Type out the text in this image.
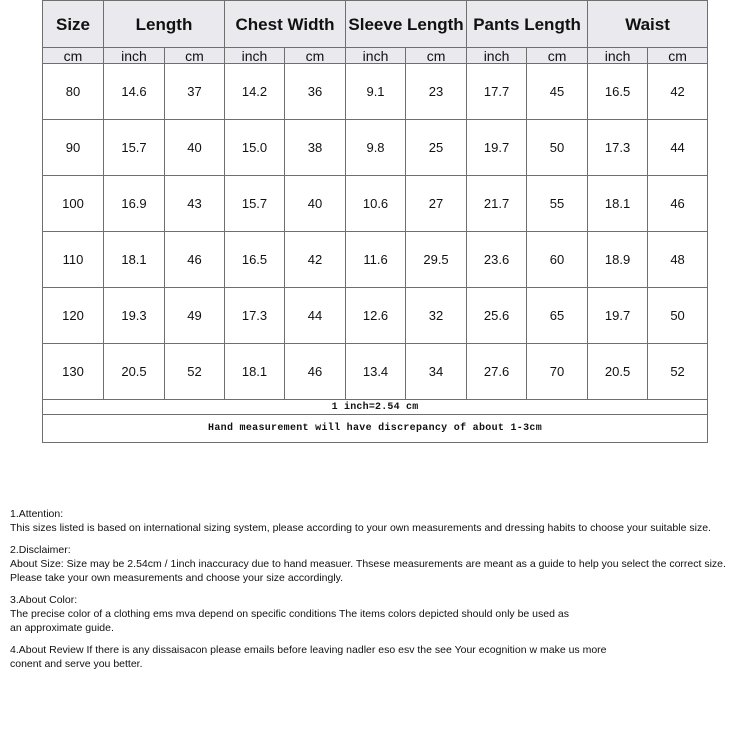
Size	Length		Chest Width		Sleeve Length		Pants Length		Waist	
cm	inch	cm	inch	cm	inch	cm	inch	cm	inch	cm
80	14.6	37	14.2	36	9.1	23	17.7	45	16.5	42
90	15.7	40	15.0	38	9.8	25	19.7	50	17.3	44
100	16.9	43	15.7	40	10.6	27	21.7	55	18.1	46
110	18.1	46	16.5	42	11.6	29.5	23.6	60	18.9	48
120	19.3	49	17.3	44	12.6	32	25.6	65	19.7	50
130	20.5	52	18.1	46	13.4	34	27.6	70	20.5	52
1 inch=2.54 cm										
Hand measurement will have discrepancy of about 1-3cm										
1.Attention:
This sizes listed is based on international sizing system, please according to your own measurements and dressing habits to choose your suitable size.
2.Disclaimer:
About Size: Size may be 2.54cm / 1inch inaccuracy due to hand measuer. Thsese measurements are meant as a guide to help you select the correct size.
Please take your own measurements and choose your size accordingly.
3.About Color:
The precise color of a clothing ems mva depend on specific conditions The items colors depicted should only be used as
an approximate guide.
4.About Review If there is any dissaisacon please emails before leaving nadler eso esv the see Your ecognition w make us more
conent and serve you better.
